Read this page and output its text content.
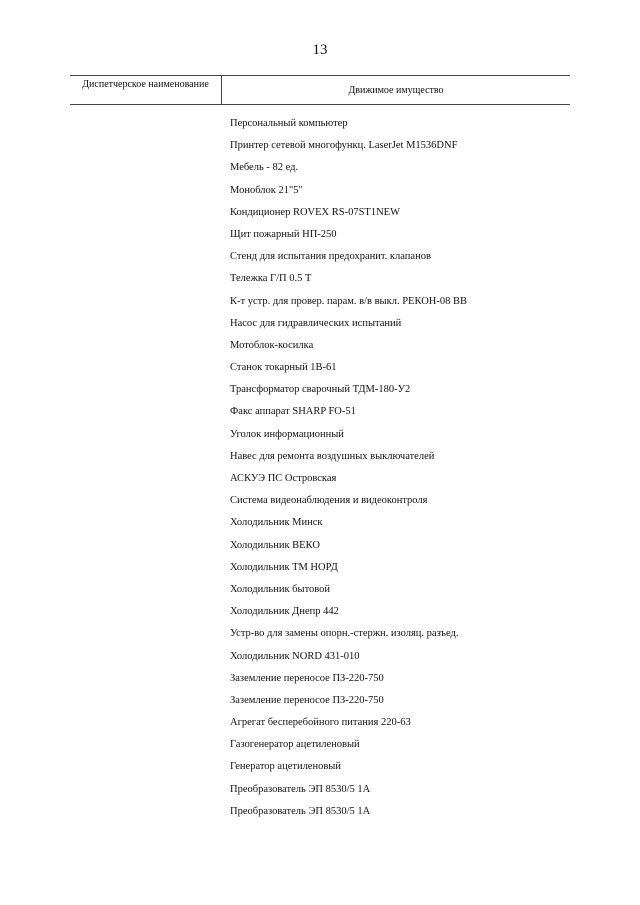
13
Диспетчерское наименование
Движимое имущество
Персональный компьютер
Принтер сетевой многофункц. LaserJet M1536DNF
Мебель - 82 ед.
Моноблок 21"5"
Кондиционер ROVEX RS-07ST1NEW
Щит пожарный НП-250
Стенд для испытания предохранит. клапанов
Тележка Г/П 0.5 Т
К-т устр. для провер. парам. в/в выкл. РЕКОН-08 ВВ
Насос для гидравлических испытаний
Мотоблок-косилка
Станок токарный 1В-61
Трансформатор сварочный ТДМ-180-У2
Факс аппарат SHARP FO-51
Уголок информационный
Навес для ремонта воздушных выключателей
АСКУЭ ПС Островская
Система видеонаблюдения и видеоконтроля
Холодильник Минск
Холодильник ВЕКО
Холодильник ТМ НОРД
Холодильник бытовой
Холодильник Днепр 442
Устр-во для замены опорн.-стержн. изоляц. разъед.
Холодильник NORD 431-010
Заземление переносое ПЗ-220-750
Заземление переносое ПЗ-220-750
Агрегат бесперебойного питания 220-63
Газогенератор ацетиленовый
Генератор ацетиленовый
Преобразователь ЭП 8530/5 1А
Преобразователь ЭП 8530/5 1А
